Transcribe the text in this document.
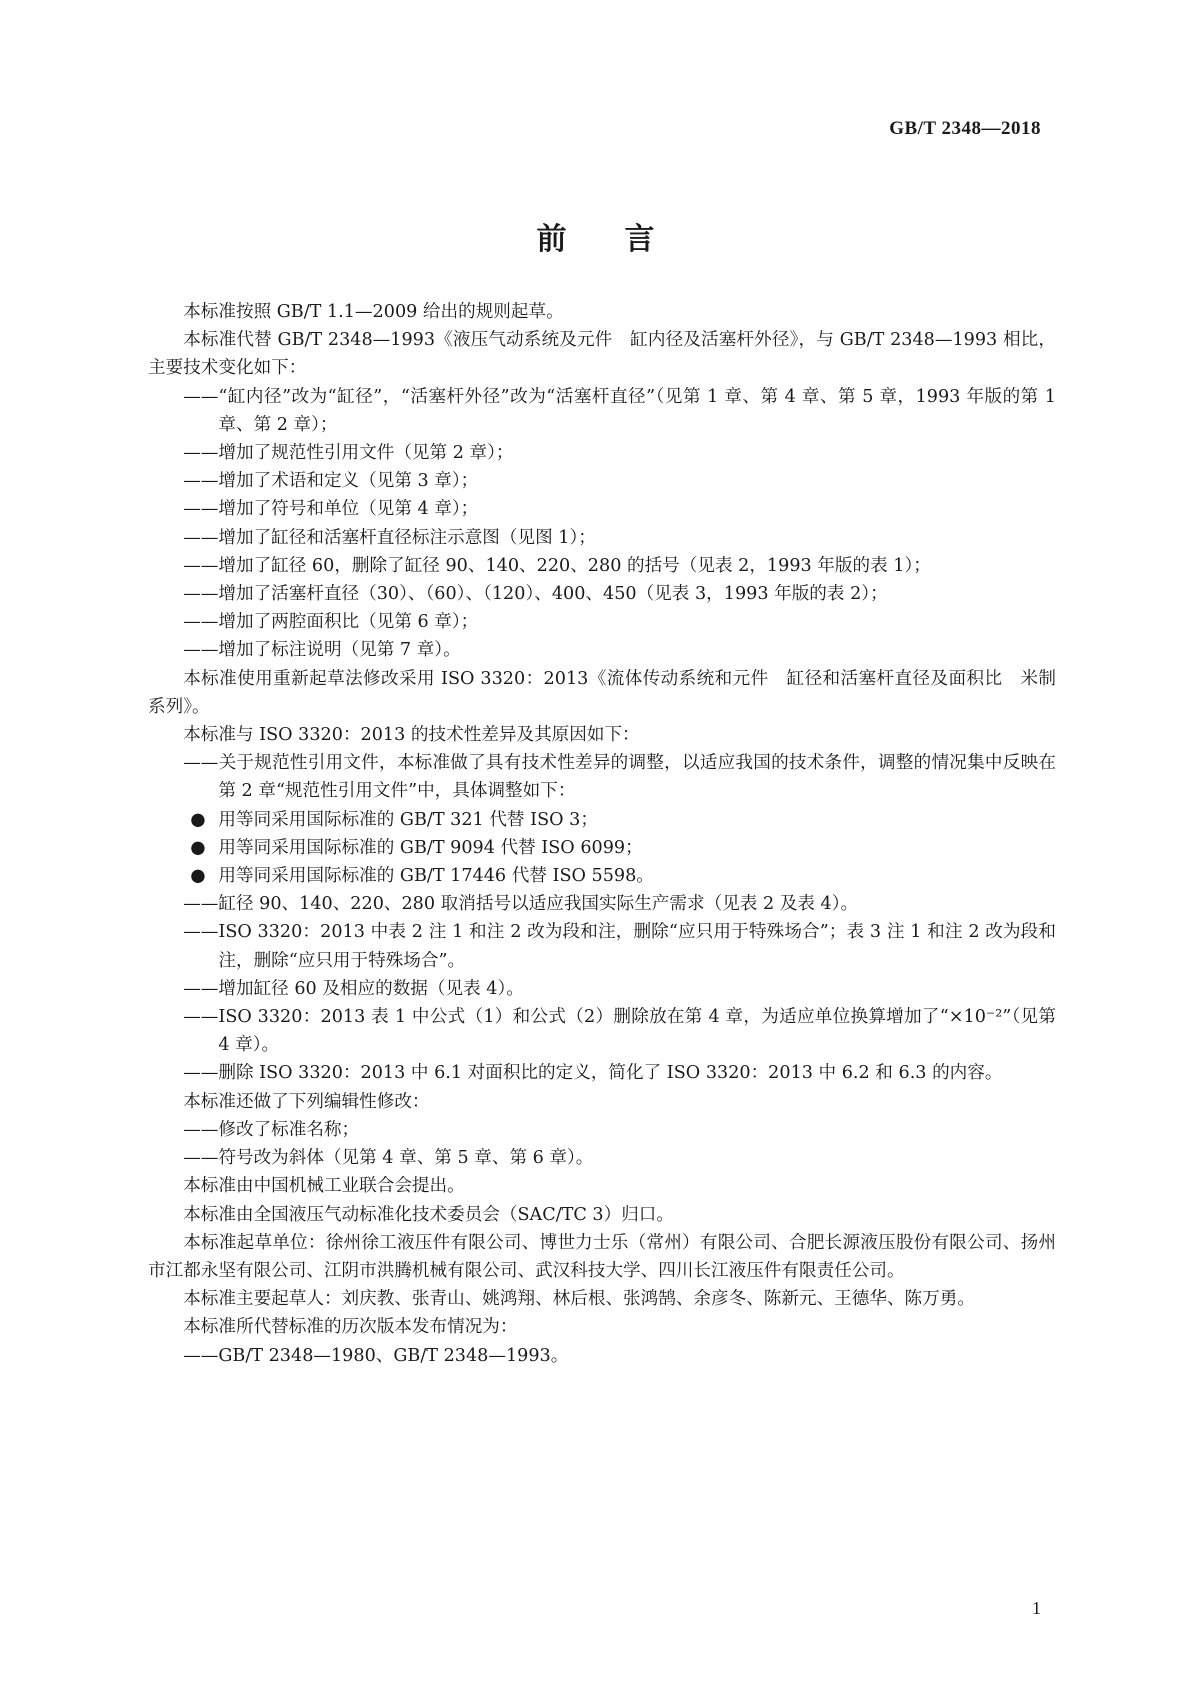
GB/T 2348—2018
前言
本标准按照 GB/T 1.1—2009 给出的规则起草。
本标准代替 GB/T 2348—1993《液压气动系统及元件　缸内径及活塞杆外径》，与 GB/T 2348—1993 相比，主要技术变化如下：
——“缸内径”改为“缸径”，“活塞杆外径”改为“活塞杆直径”（见第 1 章、第 4 章、第 5 章，1993 年版的第 1 章、第 2 章）；
——增加了规范性引用文件（见第 2 章）；
——增加了术语和定义（见第 3 章）；
——增加了符号和单位（见第 4 章）；
——增加了缸径和活塞杆直径标注示意图（见图 1）；
——增加了缸径 60，删除了缸径 90、140、220、280 的括号（见表 2，1993 年版的表 1）；
——增加了活塞杆直径（30）、（60）、（120）、400、450（见表 3，1993 年版的表 2）；
——增加了两腔面积比（见第 6 章）；
——增加了标注说明（见第 7 章）。
本标准使用重新起草法修改采用 ISO 3320：2013《流体传动系统和元件　缸径和活塞杆直径及面积比　米制系列》。
本标准与 ISO 3320：2013 的技术性差异及其原因如下：
——关于规范性引用文件，本标准做了具有技术性差异的调整，以适应我国的技术条件，调整的情况集中反映在第 2 章“规范性引用文件”中，具体调整如下：
● 用等同采用国际标准的 GB/T 321 代替 ISO 3；
● 用等同采用国际标准的 GB/T 9094 代替 ISO 6099；
● 用等同采用国际标准的 GB/T 17446 代替 ISO 5598。
——缸径 90、140、220、280 取消括号以适应我国实际生产需求（见表 2 及表 4）。
——ISO 3320：2013 中表 2 注 1 和注 2 改为段和注，删除“应只用于特殊场合”；表 3 注 1 和注 2 改为段和注，删除“应只用于特殊场合”。
——增加缸径 60 及相应的数据（见表 4）。
——ISO 3320：2013 表 1 中公式（1）和公式（2）删除放在第 4 章，为适应单位换算增加了“×10⁻²”（见第 4 章）。
——删除 ISO 3320：2013 中 6.1 对面积比的定义，简化了 ISO 3320：2013 中 6.2 和 6.3 的内容。
本标准还做了下列编辑性修改：
——修改了标准名称；
——符号改为斜体（见第 4 章、第 5 章、第 6 章）。
本标准由中国机械工业联合会提出。
本标准由全国液压气动标准化技术委员会（SAC/TC 3）归口。
本标准起草单位：徐州徐工液压件有限公司、博世力士乐（常州）有限公司、合肥长源液压股份有限公司、扬州市江都永坚有限公司、江阴市洪腾机械有限公司、武汉科技大学、四川长江液压件有限责任公司。
本标准主要起草人：刘庆教、张青山、姚鸿翔、林后根、张鸿鹄、余彦冬、陈新元、王德华、陈万勇。
本标准所代替标准的历次版本发布情况为：
——GB/T 2348—1980、GB/T 2348—1993。
1
